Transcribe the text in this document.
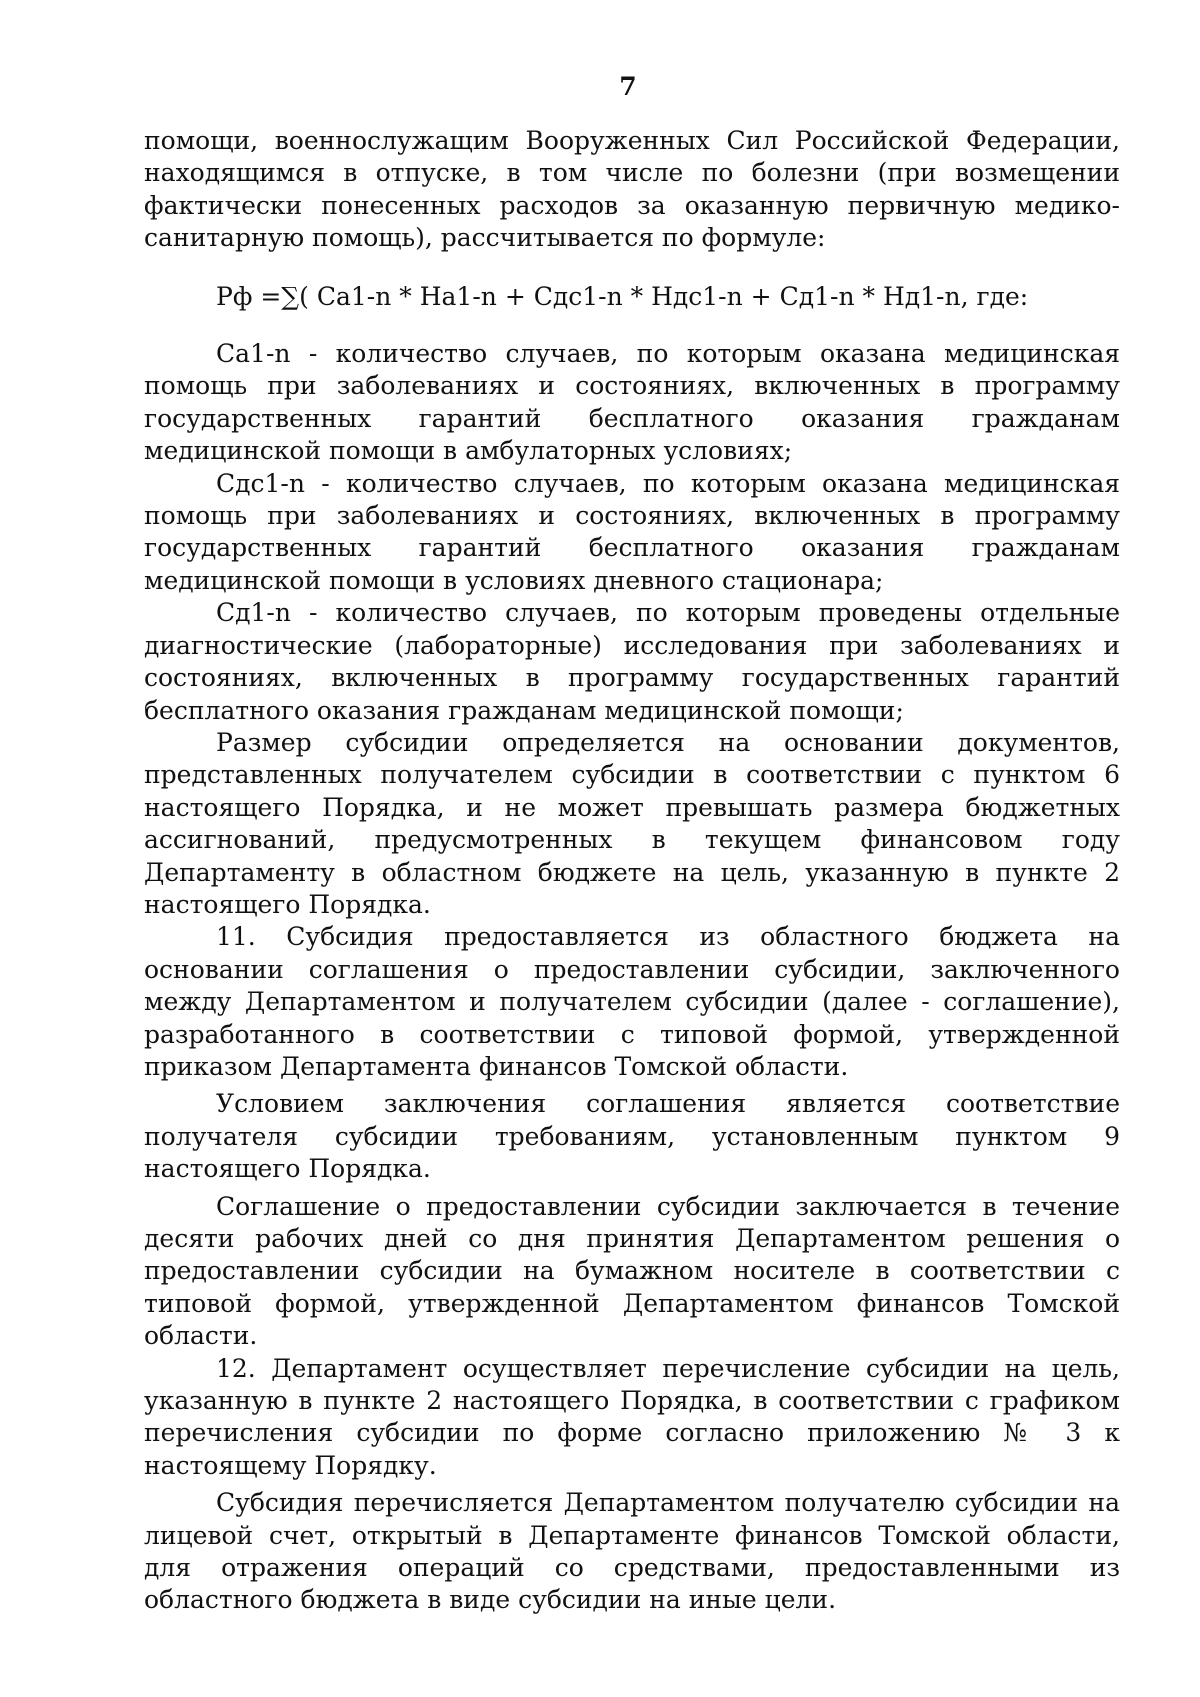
7

помощи, военнослужащим Вооруженных Сил Российской Федерации, находящимся в отпуске, в том числе по болезни (при возмещении фактически понесенных расходов за оказанную первичную медико-санитарную помощь), рассчитывается по формуле:

Рф =∑( Са1-n * На1-n + Сдс1-n * Ндс1-n + Сд1-n * Нд1-n, где:

Са1-n - количество случаев, по которым оказана медицинская помощь при заболеваниях и состояниях, включенных в программу государственных гарантий бесплатного оказания гражданам медицинской помощи в амбулаторных условиях;

Сдс1-n - количество случаев, по которым оказана медицинская помощь при заболеваниях и состояниях, включенных в программу государственных гарантий бесплатного оказания гражданам медицинской помощи в условиях дневного стационара;

Сд1-n - количество случаев, по которым проведены отдельные диагностические (лабораторные) исследования при заболеваниях и состояниях, включенных в программу государственных гарантий бесплатного оказания гражданам медицинской помощи;

Размер субсидии определяется на основании документов, представленных получателем субсидии в соответствии с пунктом 6 настоящего Порядка, и не может превышать размера бюджетных ассигнований, предусмотренных в текущем финансовом году Департаменту в областном бюджете на цель, указанную в пункте 2 настоящего Порядка.

11. Субсидия предоставляется из областного бюджета на основании соглашения о предоставлении субсидии, заключенного между Департаментом и получателем субсидии (далее - соглашение), разработанного в соответствии с типовой формой, утвержденной приказом Департамента финансов Томской области.

Условием заключения соглашения является соответствие получателя субсидии требованиям, установленным пунктом 9 настоящего Порядка.

Соглашение о предоставлении субсидии заключается в течение десяти рабочих дней со дня принятия Департаментом решения о предоставлении субсидии на бумажном носителе в соответствии с типовой формой, утвержденной Департаментом финансов Томской области.

12. Департамент осуществляет перечисление субсидии на цель, указанную в пункте 2 настоящего Порядка, в соответствии с графиком перечисления субсидии по форме согласно приложению № 3 к настоящему Порядку.

Субсидия перечисляется Департаментом получателю субсидии на лицевой счет, открытый в Департаменте финансов Томской области, для отражения операций со средствами, предоставленными из областного бюджета в виде субсидии на иные цели.
